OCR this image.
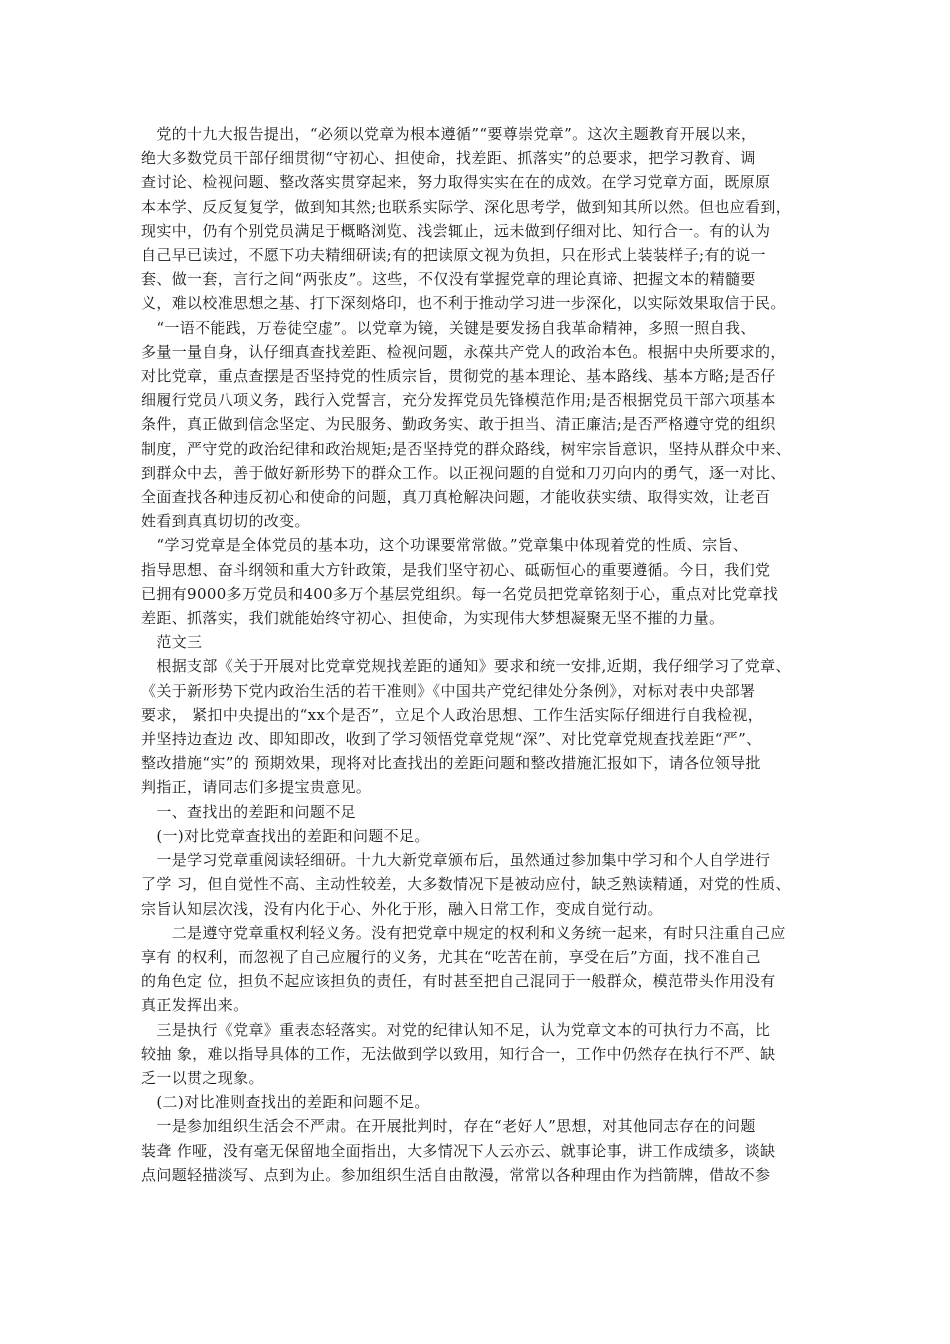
　党的十九大报告提出，“必须以党章为根本遵循”“要尊崇党章”。这次主题教育开展以来，
绝大多数党员干部仔细贯彻“守初心、担使命，找差距、抓落实”的总要求，把学习教育、调
查讨论、检视问题、整改落实贯穿起来，努力取得实实在在的成效。在学习党章方面，既原原
本本学、反反复复学，做到知其然;也联系实际学、深化思考学，做到知其所以然。但也应看到，
现实中，仍有个别党员满足于概略浏览、浅尝辄止，远未做到仔细对比、知行合一。有的认为
自己早已读过，不愿下功夫精细研读;有的把读原文视为负担，只在形式上装装样子;有的说一
套、做一套，言行之间“两张皮”。这些，不仅没有掌握党章的理论真谛、把握文本的精髓要
义，难以校准思想之基、打下深刻烙印，也不利于推动学习进一步深化，以实际效果取信于民。
　“一语不能践，万卷徒空虚”。以党章为镜，关键是要发扬自我革命精神，多照一照自我、
多量一量自身，认仔细真查找差距、检视问题，永葆共产党人的政治本色。根据中央所要求的，
对比党章，重点查摆是否坚持党的性质宗旨，贯彻党的基本理论、基本路线、基本方略;是否仔
细履行党员八项义务，践行入党誓言，充分发挥党员先锋模范作用;是否根据党员干部六项基本
条件，真正做到信念坚定、为民服务、勤政务实、敢于担当、清正廉洁;是否严格遵守党的组织
制度，严守党的政治纪律和政治规矩;是否坚持党的群众路线，树牢宗旨意识，坚持从群众中来、
到群众中去，善于做好新形势下的群众工作。以正视问题的自觉和刀刃向内的勇气，逐一对比、
全面查找各种违反初心和使命的问题，真刀真枪解决问题，才能收获实绩、取得实效，让老百
姓看到真真切切的改变。
　“学习党章是全体党员的基本功，这个功课要常常做。”党章集中体现着党的性质、宗旨、
指导思想、奋斗纲领和重大方针政策，是我们坚守初心、砥砺恒心的重要遵循。今日，我们党
已拥有9000多万党员和400多万个基层党组织。每一名党员把党章铭刻于心，重点对比党章找
差距、抓落实，我们就能始终守初心、担使命，为实现伟大梦想凝聚无坚不摧的力量。
　范文三
　根据支部《关于开展对比党章党规找差距的通知》要求和统一安排,近期，我仔细学习了党章、
《关于新形势下党内政治生活的若干准则》《中国共产党纪律处分条例》，对标对表中央部署
要求， 紧扣中央提出的“xx个是否”，立足个人政治思想、工作生活实际仔细进行自我检视，
并坚持边查边 改、即知即改，收到了学习领悟党章党规“深”、对比党章党规查找差距“严”、
整改措施“实”的 预期效果，现将对比查找出的差距问题和整改措施汇报如下，请各位领导批
判指正，请同志们多提宝贵意见。
　一、查找出的差距和问题不足
　(一)对比党章查找出的差距和问题不足。
　一是学习党章重阅读轻细研。十九大新党章颁布后，虽然通过参加集中学习和个人自学进行
了学 习，但自觉性不高、主动性较差，大多数情况下是被动应付，缺乏熟读精通，对党的性质、
宗旨认知层次浅，没有内化于心、外化于形，融入日常工作，变成自觉行动。
　　二是遵守党章重权利轻义务。没有把党章中规定的权利和义务统一起来，有时只注重自己应
享有 的权利，而忽视了自己应履行的义务，尤其在“吃苦在前，享受在后”方面，找不准自己
的角色定 位，担负不起应该担负的责任，有时甚至把自己混同于一般群众，模范带头作用没有
真正发挥出来。
　三是执行《党章》重表态轻落实。对党的纪律认知不足，认为党章文本的可执行力不高，比
较抽 象，难以指导具体的工作，无法做到学以致用，知行合一，工作中仍然存在执行不严、缺
乏一以贯之现象。
　(二)对比准则查找出的差距和问题不足。
　一是参加组织生活会不严肃。在开展批判时，存在“老好人”思想，对其他同志存在的问题
装聋 作哑，没有毫无保留地全面指出，大多情况下人云亦云、就事论事，讲工作成绩多，谈缺
点问题轻描淡写、点到为止。参加组织生活自由散漫，常常以各种理由作为挡箭牌，借故不参
